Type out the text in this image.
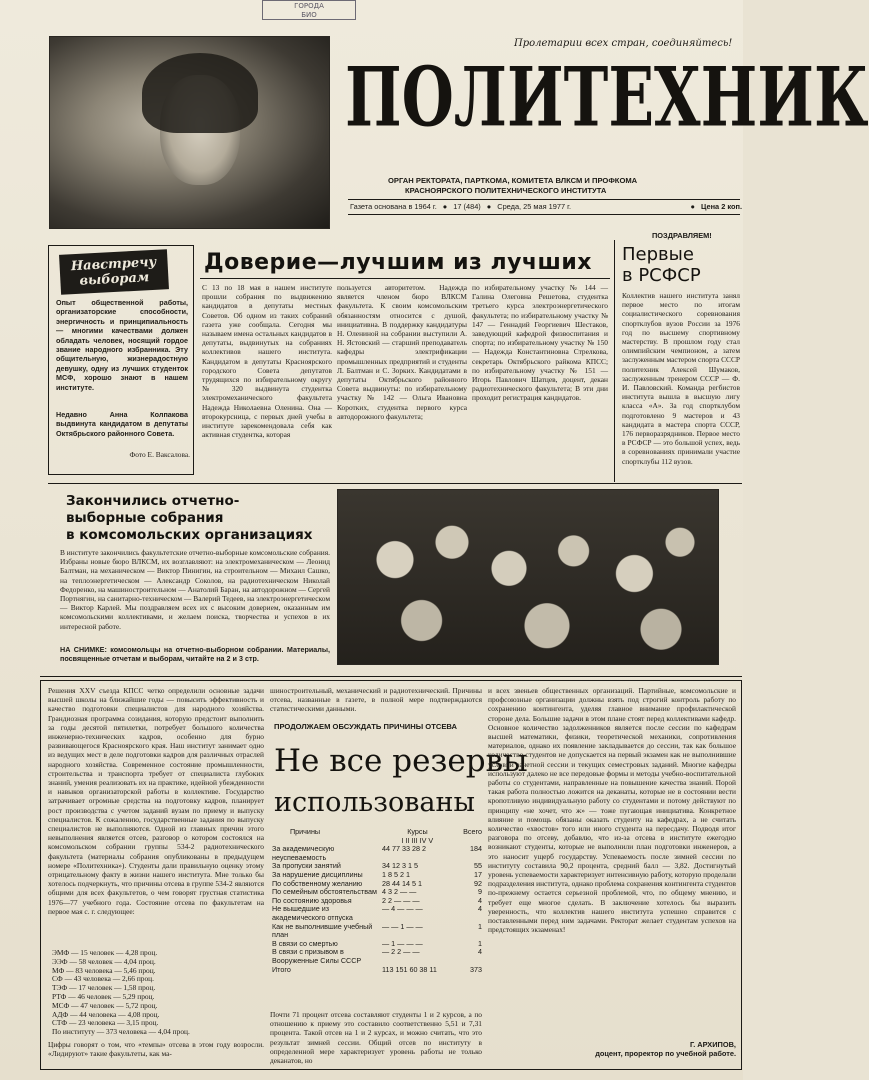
ГОРОДА
БИО
Пролетарии всех стран, соединяйтесь!
ПОЛИТЕХНИК
ОРГАН РЕКТОРАТА, ПАРТКОМА, КОМИТЕТА ВЛКСМ И ПРОФКОМА
КРАСНОЯРСКОГО ПОЛИТЕХНИЧЕСКОГО ИНСТИТУТА
Газета основана в 1964 г. ● 17 (484) ● Среда, 25 мая 1977 г.	● Цена 2 коп.
ПОЗДРАВЛЯЕМ!
Навстречу
выборам
Опыт общественной работы, организаторские способности, энергичность и принципиальность — многими качествами должен обладать человек, носящий гордое звание народного избранника. Эту общительную, жизнерадостную девушку, одну из лучших студенток МСФ, хорошо знают в нашем институте.
Недавно Анна Колпакова выдвинута кандидатом в депутаты Октябрьского районного Совета.
Фото Е. Ваксалова.
Доверие—лучшим из лучших
С 13 по 18 мая в нашем институте прошли собрания по выдвижению кандидатов в депутаты местных Советов. Об одном из таких собраний газета уже сообщала. Сегодня мы называем имена остальных кандидатов в депутаты, выдвинутых на собраниях коллективов нашего института. Кандидатом в депутаты Красноярского городского Совета депутатов трудящихся по избирательному округу № 320 выдвинута студентка электромеханического факультета Надежда Николаевна Оленина. Она — второкурсница, с первых дней учебы в институте зарекомендовала себя как активная студентка, которая
пользуется авторитетом. Надежда является членом бюро ВЛКСМ факультета. К своим комсомольским обязанностям относится с душой, инициативна. В поддержку кандидатуры Н. Олениной на собрании выступили А. Н. Ястовский — старший преподаватель кафедры электрификации промышленных предприятий и студенты Л. Балтман и С. Зорких. Кандидатами в депутаты Октябрьского районного Совета выдвинуты: по избирательному участку № 142 — Ольга Ивановна Коротких, студентка первого курса автодорожного факультета;
по избирательному участку № 144 — Галина Олеговна Решетова, студентка третьего курса электроэнергетического факультета; по избирательному участку № 147 — Геннадий Георгиевич Шестаков, заведующий кафедрой физвоспитания и спорта; по избирательному участку № 150 — Надежда Константиновна Стрелкова, секретарь Октябрьского райкома КПСС; по избирательному участку № 151 — Игорь Павлович Шатцев, доцент, декан радиотехнического факультета; В эти дни проходит регистрация кандидатов.
Первые
в РСФСР
Коллектив нашего института занял первое место по итогам социалистического соревнования спортклубов вузов России за 1976 год по высшему спортивному мастерству. В прошлом году стал олимпийским чемпионом, а затем заслуженным мастером спорта СССР политехник Алексей Шумаков, заслуженным тренером СССР — Ф. И. Павловский. Команда регбистов института вышла в высшую лигу класса «А». За год спортклубом подготовлено 9 мастеров и 43 кандидата в мастера спорта СССР, 176 перворазрядников. Первое место в РСФСР — это большой успех, ведь в соревнованиях принимали участие спортклубы 112 вузов.
Закончились отчетно-
выборные собрания
в комсомольских организациях
В институте закончились факультетские отчетно-выборные комсомольские собрания. Избраны новые бюро ВЛКСМ, их возглавляют: на электромеханическом — Леонид Балтман, на механическом — Виктор Пинигин, на строительном — Михаил Сашко, на теплоэнергетическом — Александр Соколов, на радиотехническом Николай Федоренко, на машиностроительном — Анатолий Баран, на автодорожном — Сергей Портнягин, на санитарно-техническом — Валерий Тедеев, на электроэнергетическом — Виктор Карлей. Мы поздравляем всех их с высоким доверием, оказанным им комсомольскими коллективами, и желаем поиска, творчества и успехов в их интересной работе.
НА СНИМКЕ: комсомольцы на отчетно-выборном собрании. Материалы, посвященные отчетам и выборам, читайте на 2 и 3 стр.
Решения XXV съезда КПСС четко определили основные задачи высшей школы на ближайшие годы — повысить эффективность и качество подготовки специалистов для народного хозяйства. Грандиозная программа созидания, которую предстоит выполнить за годы десятой пятилетки, потребует большого количества инженерно-технических кадров, особенно для бурно развивающегося Красноярского края. Наш институт занимает одно из ведущих мест в деле подготовки кадров для различных отраслей народного хозяйства. Современное состояние промышленности, строительства и транспорта требует от специалиста глубоких знаний, умения реализовать их на практике, идейной убежденности и навыков организаторской работы в коллективе. Государство затрачивает огромные средства на подготовку кадров, планирует рост производства с учетом заданий вузам по приему и выпуску специалистов. К сожалению, государственные задания по выпуску специалистов не выполняются. Одной из главных причин этого невыполнения является отсев, разговор о котором состоялся на комсомольском собрании группы 534-2 радиотехнического факультета (материалы собрания опубликованы в предыдущем номере «Политехника»). Студенты дали правильную оценку этому отрицательному факту в жизни нашего института. Мне только бы хотелось подчеркнуть, что причины отсева в группе 534-2 являются общими для всех факультетов, о чем говорят грустная статистика 1976—77 учебного года. Состояние отсева по факультетам на первое мая с. г. следующее:
ЭМФ — 15 человек — 4,28 проц.
ЭЭФ — 58 человек — 4,04 проц.
МФ — 83 человека — 5,46 проц.
СФ — 43 человека — 2,66 проц.
ТЭФ — 17 человек — 1,58 проц.
РТФ — 46 человек — 5,29 проц.
МСФ — 47 человек — 5,72 проц.
АДФ — 44 человека — 4,08 проц.
СТФ — 23 человека — 3,15 проц.
По институту — 373 человека — 4,04 проц.
Цифры говорят о том, что «темпы» отсева в этом году возросли. «Лидируют» такие факультеты, как ма-
шиностроительный, механический и радиотехнический. Причины отсева, названные в газете, в полной мере подтверждаются статистическими данными.
ПРОДОЛЖАЕМ ОБСУЖДАТЬ ПРИЧИНЫ ОТСЕВА
Не все резервы
использованы
Причины	Курсы	Всего
	I II III IV V	
За академическую неуспеваемость	44 77 33 28 2	184
За пропуски занятий	34 12 3 1 5	55
За нарушение дисциплины	1 8 5 2 1	17
По собственному желанию	28 44 14 5 1	92
По семейным обстоятельствам	4 3 2 — —	9
По состоянию здоровья	2 2 — — —	4
Не вышедшие из академического отпуска	— 4 — — —	4
Как не выполнившие учебный план	— — 1 — —	1
В связи со смертью	— 1 — — —	1
В связи с призывом в Вооруженные Силы СССР	— 2 2 — —	4
Итого	113 151 60 38 11	373
Почти 71 процент отсева составляют студенты 1 и 2 курсов, а по отношению к приему это составило соответственно 5,51 и 7,31 процента. Такой отсев на 1 и 2 курсах, и можно считать, что это результат зимней сессии. Общий отсев по институту в определенной мере характеризует уровень работы не только деканатов, но
и всех звеньев общественных организаций. Партийные, комсомольские и профсоюзные организации должны взять под строгий контроль работу по сохранению контингента, уделяя главное внимание профилактической стороне дела. Большие задачи в этом плане стоят перед коллективами кафедр. Основное количество задолженников является после сессии по кафедрам высшей математики, физики, теоретической механики, сопротивления материалов, однако их появление закладывается до сессии, так как большое количество студентов не допускается на первый экзамен как не выполнившие условий зачетной сессии и текущих семестровых заданий. Многие кафедры используют далеко не все передовые формы и методы учебно-воспитательной работы со студентами, направленные на повышение качества знаний. Порой такая работа полностью ложится на деканаты, которые не в состоянии вести кропотливую индивидуальную работу со студентами и потому действуют по принципу «не хочет, что ж» — тоже пугающая инициатива. Конкретное влияние и помощь обязаны оказать студенту на кафедрах, а не считать количество «хвостов» того или иного студента на пересдачу. Подводя итог разговора по отсеву, добавлю, что из-за отсева в институте ежегодно возникают студенты, которые не выполнили план подготовки инженеров, а это наносит ущерб государству. Успеваемость после зимней сессии по институту составила 90,2 процента, средний балл — 3,82. Достигнутый уровень успеваемости характеризует интенсивную работу, которую проделали подразделения института, однако проблема сохранения контингента студентов по-прежнему остается серьезной проблемой, что, по общему мнению, и требует еще многое сделать. В заключение хотелось бы выразить уверенность, что коллектив нашего института успешно справится с поставленными перед ним задачами. Ректорат желает студентам успехов на предстоящих экзаменах!
Г. АРХИПОВ,
доцент, проректор по учебной работе.
